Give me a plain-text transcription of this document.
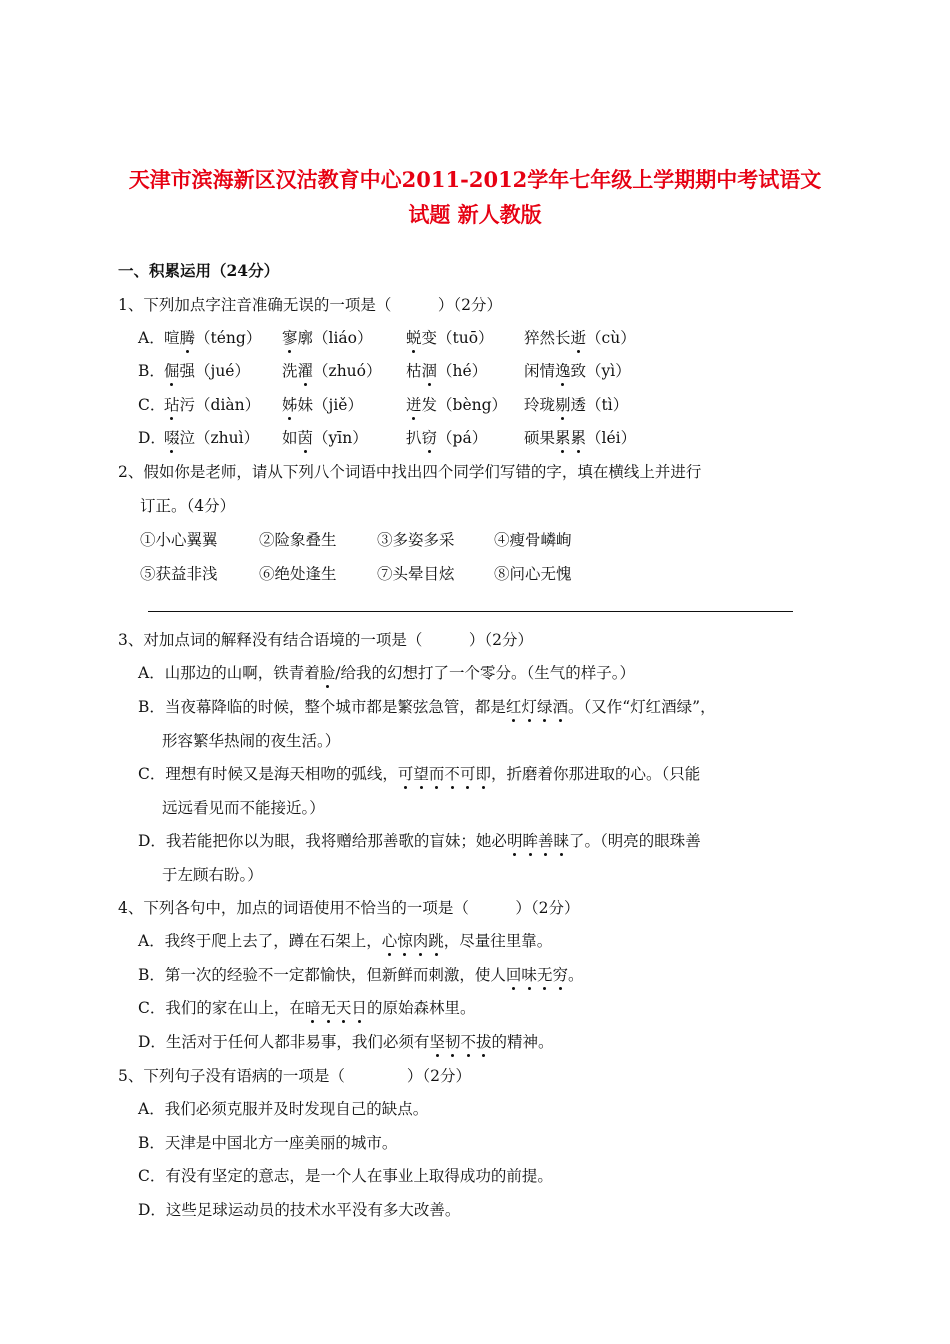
天津市滨海新区汉沽教育中心2011-2012学年七年级上学期期中考试语文
试题 新人教版
一、积累运用（24分）
1、下列加点字注音准确无误的一项是（　　　）（2分）
A． 喧腾（téng） 寥廓（liáo） 蜕变（tuō） 猝然长逝（cù）
B． 倔强（jué） 洗濯（zhuó） 枯涸（hé） 闲情逸致（yì）
C．
玷污（diàn） 姊妹（jiě）	迸发（bèng） 玲珑剔透（tì）
D．
啜泣（zhuì） 如茵（yīn） 扒窃（pá） 硕果累累（léi）
2、假如你是老师，请从下列八个词语中找出四个同学们写错的字，填在横线上并进行
订正。（4分）
①小心翼翼	②险象叠生	③多姿多采	④瘦骨嶙峋
⑤获益非浅	⑥绝处逢生	⑦头晕目炫	⑧问心无愧
3、对加点词的解释没有结合语境的一项是（　　　）（2分）
A．山那边的山啊，铁青着脸/给我的幻想打了一个零分。（生气的样子。）
B．当夜幕降临的时候，整个城市都是繁弦急管，都是红灯绿酒。（又作“灯红酒绿”，
形容繁华热闹的夜生活。）
C．理想有时候又是海天相吻的弧线，可望而不可即，折磨着你那进取的心。（只能
远远看见而不能接近。）
D．我若能把你以为眼，我将赠给那善歌的盲妹；她必明眸善睐了。（明亮的眼珠善
于左顾右盼。）
4、下列各句中，加点的词语使用不恰当的一项是（　　　）（2分）
A．我终于爬上去了，蹲在石架上，心惊肉跳，尽量往里靠。
B．第一次的经验不一定都愉快，但新鲜而刺激，使人回味无穷。
C．我们的家在山上，在暗无天日的原始森林里。
D．生活对于任何人都非易事，我们必须有坚韧不拔的精神。
5、下列句子没有语病的一项是（　　　　）（2分）
A．我们必须克服并及时发现自己的缺点。
B．天津是中国北方一座美丽的城市。
C．有没有坚定的意志，是一个人在事业上取得成功的前提。
D．这些足球运动员的技术水平没有多大改善。
